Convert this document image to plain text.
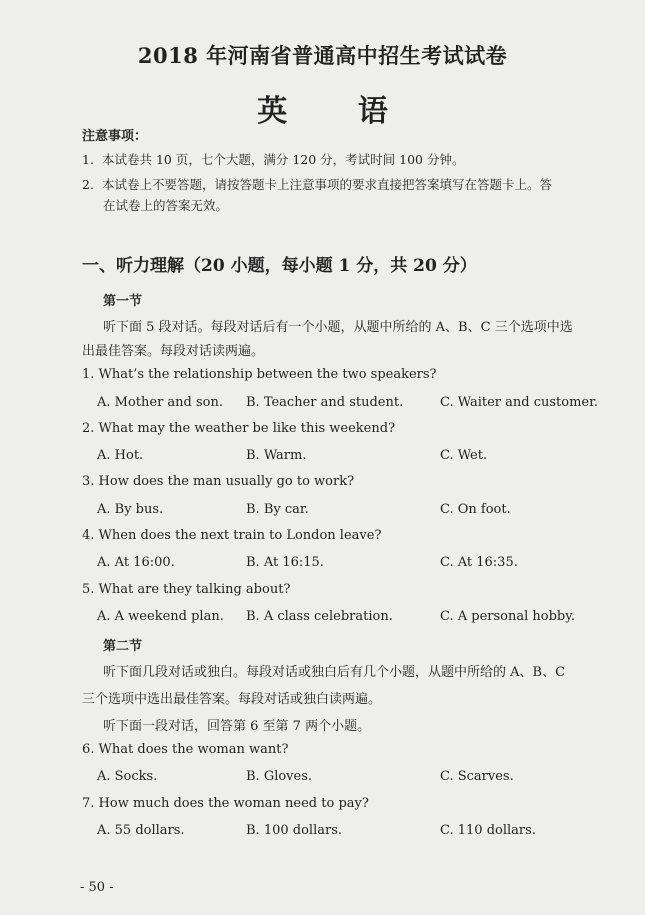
2018 年河南省普通高中招生考试试卷
英 语
注意事项：
1. 本试卷共 10 页，七个大题，满分 120 分，考试时间 100 分钟。
2. 本试卷上不要答题，请按答题卡上注意事项的要求直接把答案填写在答题卡上。答
在试卷上的答案无效。
一、听力理解（20 小题，每小题 1 分，共 20 分）
第一节
听下面 5 段对话。每段对话后有一个小题，从题中所给的 A、B、C 三个选项中选
出最佳答案。每段对话读两遍。
1. What’s the relationship between the two speakers?
A. Mother and son. B. Teacher and student.	C. Waiter and customer.
2. What may the weather be like this weekend?
A. Hot.	B. Warm.	C. Wet.
3. How does the man usually go to work?
A. By bus.	B. By car.	C. On foot.
4. When does the next train to London leave?
A. At 16:00.	B. At 16:15.	C. At 16:35.
5. What are they talking about?
A. A weekend plan. B. A class celebration.	C. A personal hobby.
第二节
听下面几段对话或独白。每段对话或独白后有几个小题，从题中所给的 A、B、C
三个选项中选出最佳答案。每段对话或独白读两遍。
听下面一段对话，回答第 6 至第 7 两个小题。
6. What does the woman want?
A. Socks.	B. Gloves.	C. Scarves.
7. How much does the woman need to pay?
A. 55 dollars.	B. 100 dollars.	C. 110 dollars.
- 50 -
